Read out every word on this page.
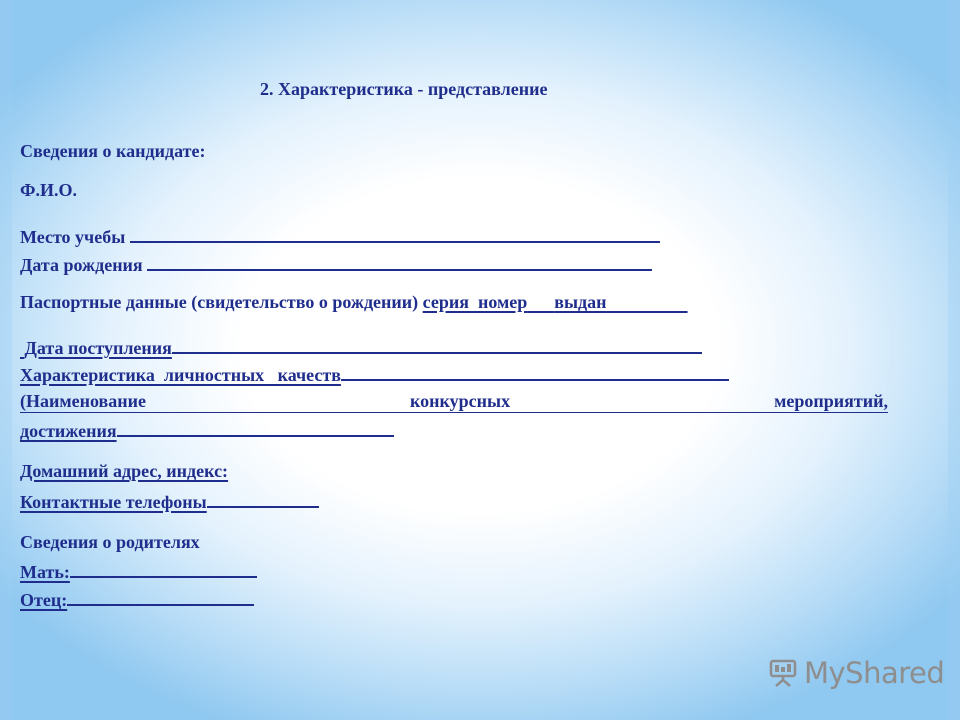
2. Характеристика - представление
Сведения о кандидате:
Ф.И.О.
Место учебы
Дата рождения
Паспортные данные (свидетельство о рождении) серия номер выдан
Дата поступления
Характеристика  личностных   качеств
(Наименование	конкурсных	мероприятий,
достижения
Домашний адрес, индекс:
Контактные телефоны
Сведения о родителях
Мать:
Отец:
MyShared
